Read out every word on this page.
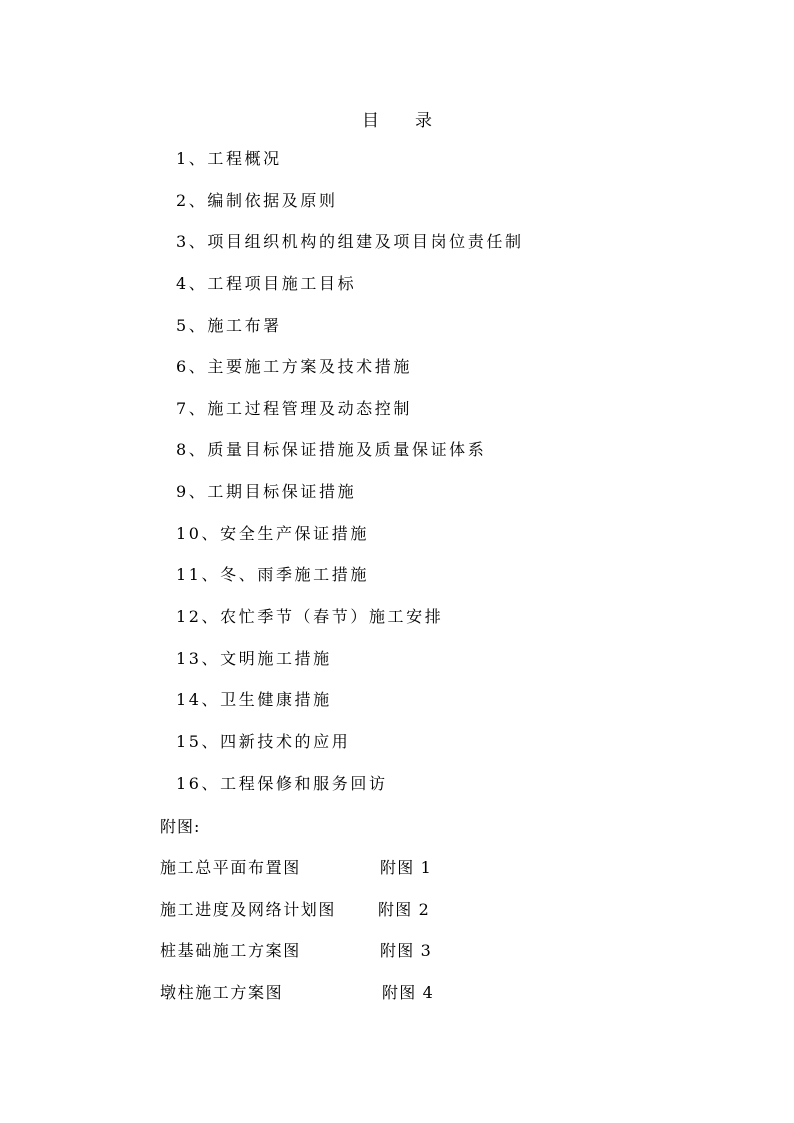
目 录
1、工程概况
2、编制依据及原则
3、项目组织机构的组建及项目岗位责任制
4、工程项目施工目标
5、施工布署
6、主要施工方案及技术措施
7、施工过程管理及动态控制
8、质量目标保证措施及质量保证体系
9、工期目标保证措施
10、安全生产保证措施
11、冬、雨季施工措施
12、农忙季节（春节）施工安排
13、文明施工措施
14、卫生健康措施
15、四新技术的应用
16、工程保修和服务回访
附图:
施工总平面布置图	附图 1
施工进度及网络计划图	附图 2
桩基础施工方案图	附图 3
墩柱施工方案图	附图 4
